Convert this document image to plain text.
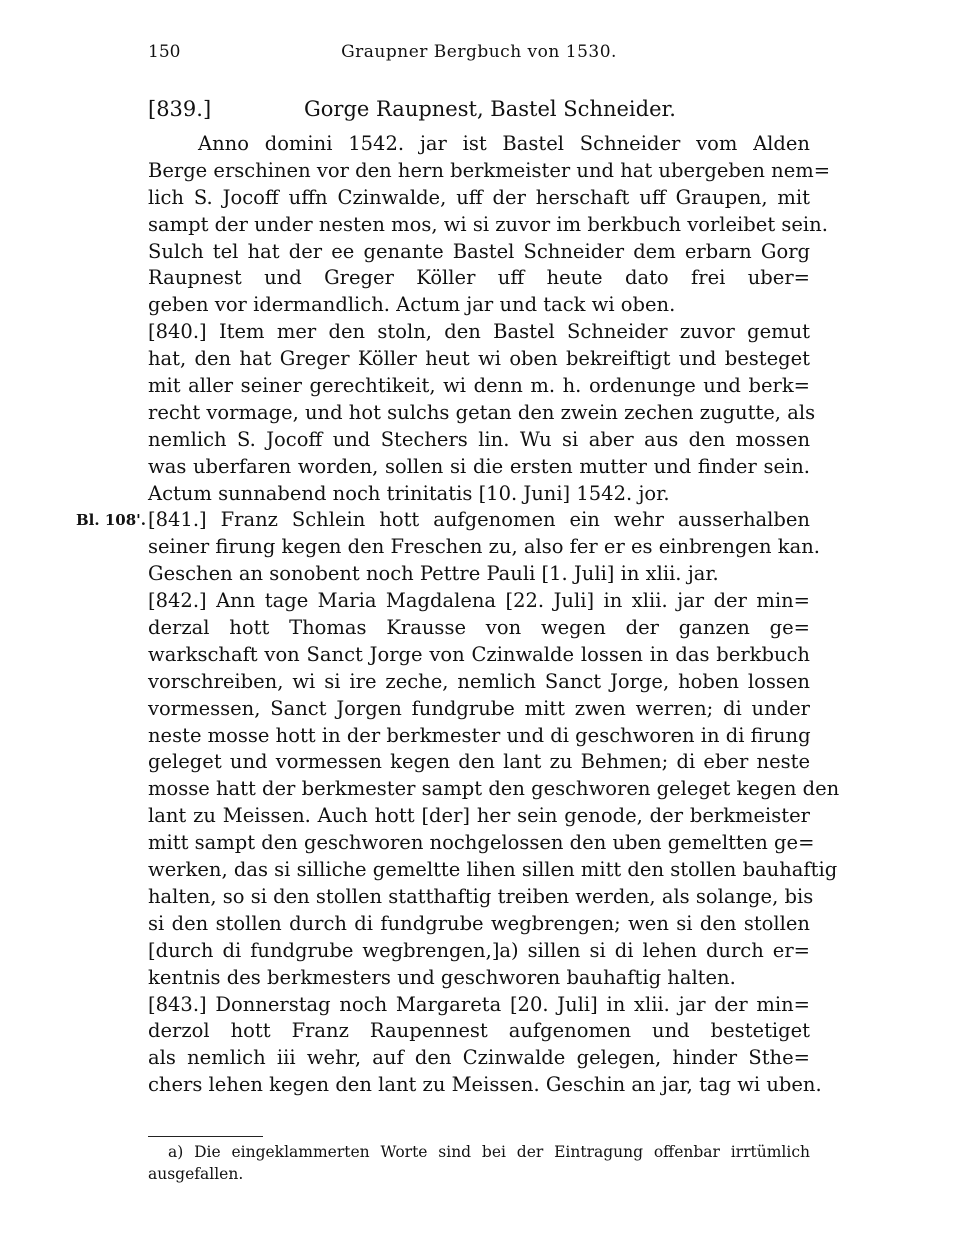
150	Graupner Bergbuch von 1530.
[839.]	Gorge Raupnest, Bastel Schneider.
Anno domini 1542. jar ist Bastel Schneider vom Alden
Berge erschinen vor den hern berkmeister und hat ubergeben nem=
lich S. Jocoff uffn Czinwalde, uff der herschaft uff Graupen, mit
sampt der under nesten mos, wi si zuvor im berkbuch vorleibet sein.
Sulch tel hat der ee genante Bastel Schneider dem erbarn Gorg
Raupnest und Greger Köller uff heute dato frei uber=
geben vor idermandlich. Actum jar und tack wi oben.
[840.] Item mer den stoln, den Bastel Schneider zuvor gemut
hat, den hat Greger Köller heut wi oben bekreiftigt und besteget
mit aller seiner gerechtikeit, wi denn m. h. ordenunge und berk=
recht vormage, und hot sulchs getan den zwein zechen zugutte, als
nemlich S. Jocoff und Stechers lin. Wu si aber aus den mossen
was uberfaren worden, sollen si die ersten mutter und finder sein.
Actum sunnabend noch trinitatis [10. Juni] 1542. jor.
Bl. 108'. [841.] Franz Schlein hott aufgenomen ein wehr ausserhalben
seiner firung kegen den Freschen zu, also fer er es einbrengen kan.
Geschen an sonobent noch Pettre Pauli [1. Juli] in xlii. jar.
[842.] Ann tage Maria Magdalena [22. Juli] in xlii. jar der min=
derzal hott Thomas Krausse von wegen der ganzen ge=
warkschaft von Sanct Jorge von Czinwalde lossen in das berkbuch
vorschreiben, wi si ire zeche, nemlich Sanct Jorge, hoben lossen
vormessen, Sanct Jorgen fundgrube mitt zwen werren; di under
neste mosse hott in der berkmester und di geschworen in di firung
geleget und vormessen kegen den lant zu Behmen; di eber neste
mosse hatt der berkmester sampt den geschworen geleget kegen den
lant zu Meissen. Auch hott [der] her sein genode, der berkmeister
mitt sampt den geschworen nochgelossen den uben gemeltten ge=
werken, das si silliche gemeltte lihen sillen mitt den stollen bauhaftig
halten, so si den stollen statthaftig treiben werden, als solange, bis
si den stollen durch di fundgrube wegbrengen; wen si den stollen
[durch di fundgrube wegbrengen,]a) sillen si di lehen durch er=
kentnis des berkmesters und geschworen bauhaftig halten.
[843.] Donnerstag noch Margareta [20. Juli] in xlii. jar der min=
derzol hott Franz Raupennest aufgenomen und bestetiget
als nemlich iii wehr, auf den Czinwalde gelegen, hinder Sthe=
chers lehen kegen den lant zu Meissen. Geschin an jar, tag wi uben.
a) Die eingeklammerten Worte sind bei der Eintragung offenbar irrtümlich
ausgefallen.
